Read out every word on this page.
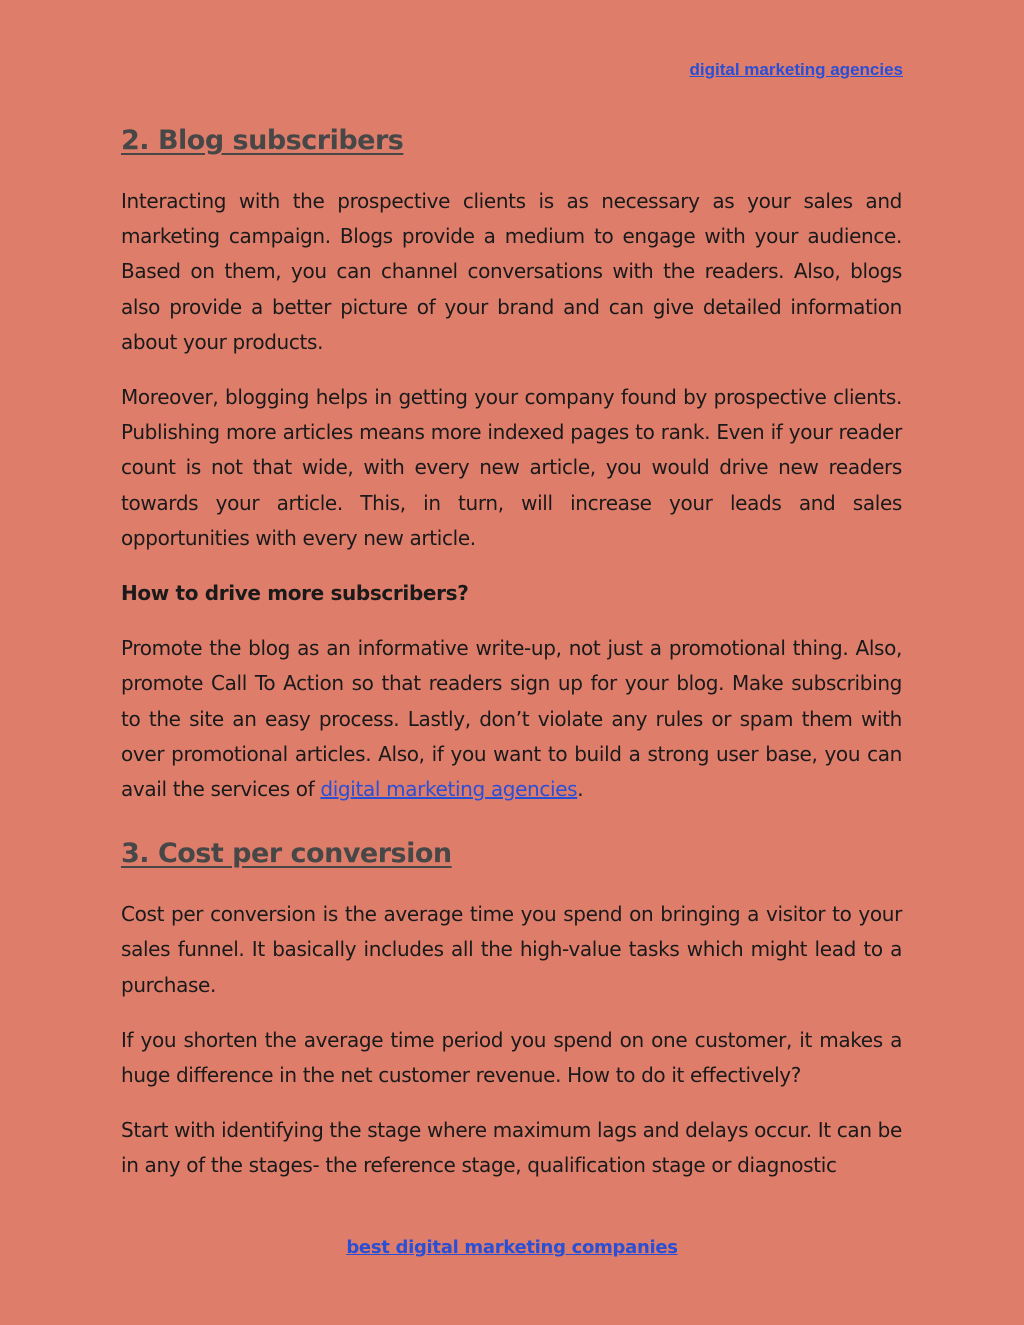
digital marketing agencies
2. Blog subscribers

Interacting with the prospective clients is as necessary as your sales and marketing campaign. Blogs provide a medium to engage with your audience. Based on them, you can channel conversations with the readers. Also, blogs also provide a better picture of your brand and can give detailed information about your products.

Moreover, blogging helps in getting your company found by prospective clients. Publishing more articles means more indexed pages to rank. Even if your reader count is not that wide, with every new article, you would drive new readers towards your article. This, in turn, will increase your leads and sales opportunities with every new article.

How to drive more subscribers?

Promote the blog as an informative write-up, not just a promotional thing. Also, promote Call To Action so that readers sign up for your blog. Make subscribing to the site an easy process. Lastly, don’t violate any rules or spam them with over promotional articles. Also, if you want to build a strong user base, you can avail the services of digital marketing agencies.

3. Cost per conversion

Cost per conversion is the average time you spend on bringing a visitor to your sales funnel. It basically includes all the high-value tasks which might lead to a purchase.

If you shorten the average time period you spend on one customer, it makes a huge difference in the net customer revenue. How to do it effectively?

Start with identifying the stage where maximum lags and delays occur. It can be in any of the stages- the reference stage, qualification stage or diagnostic

best digital marketing companies
